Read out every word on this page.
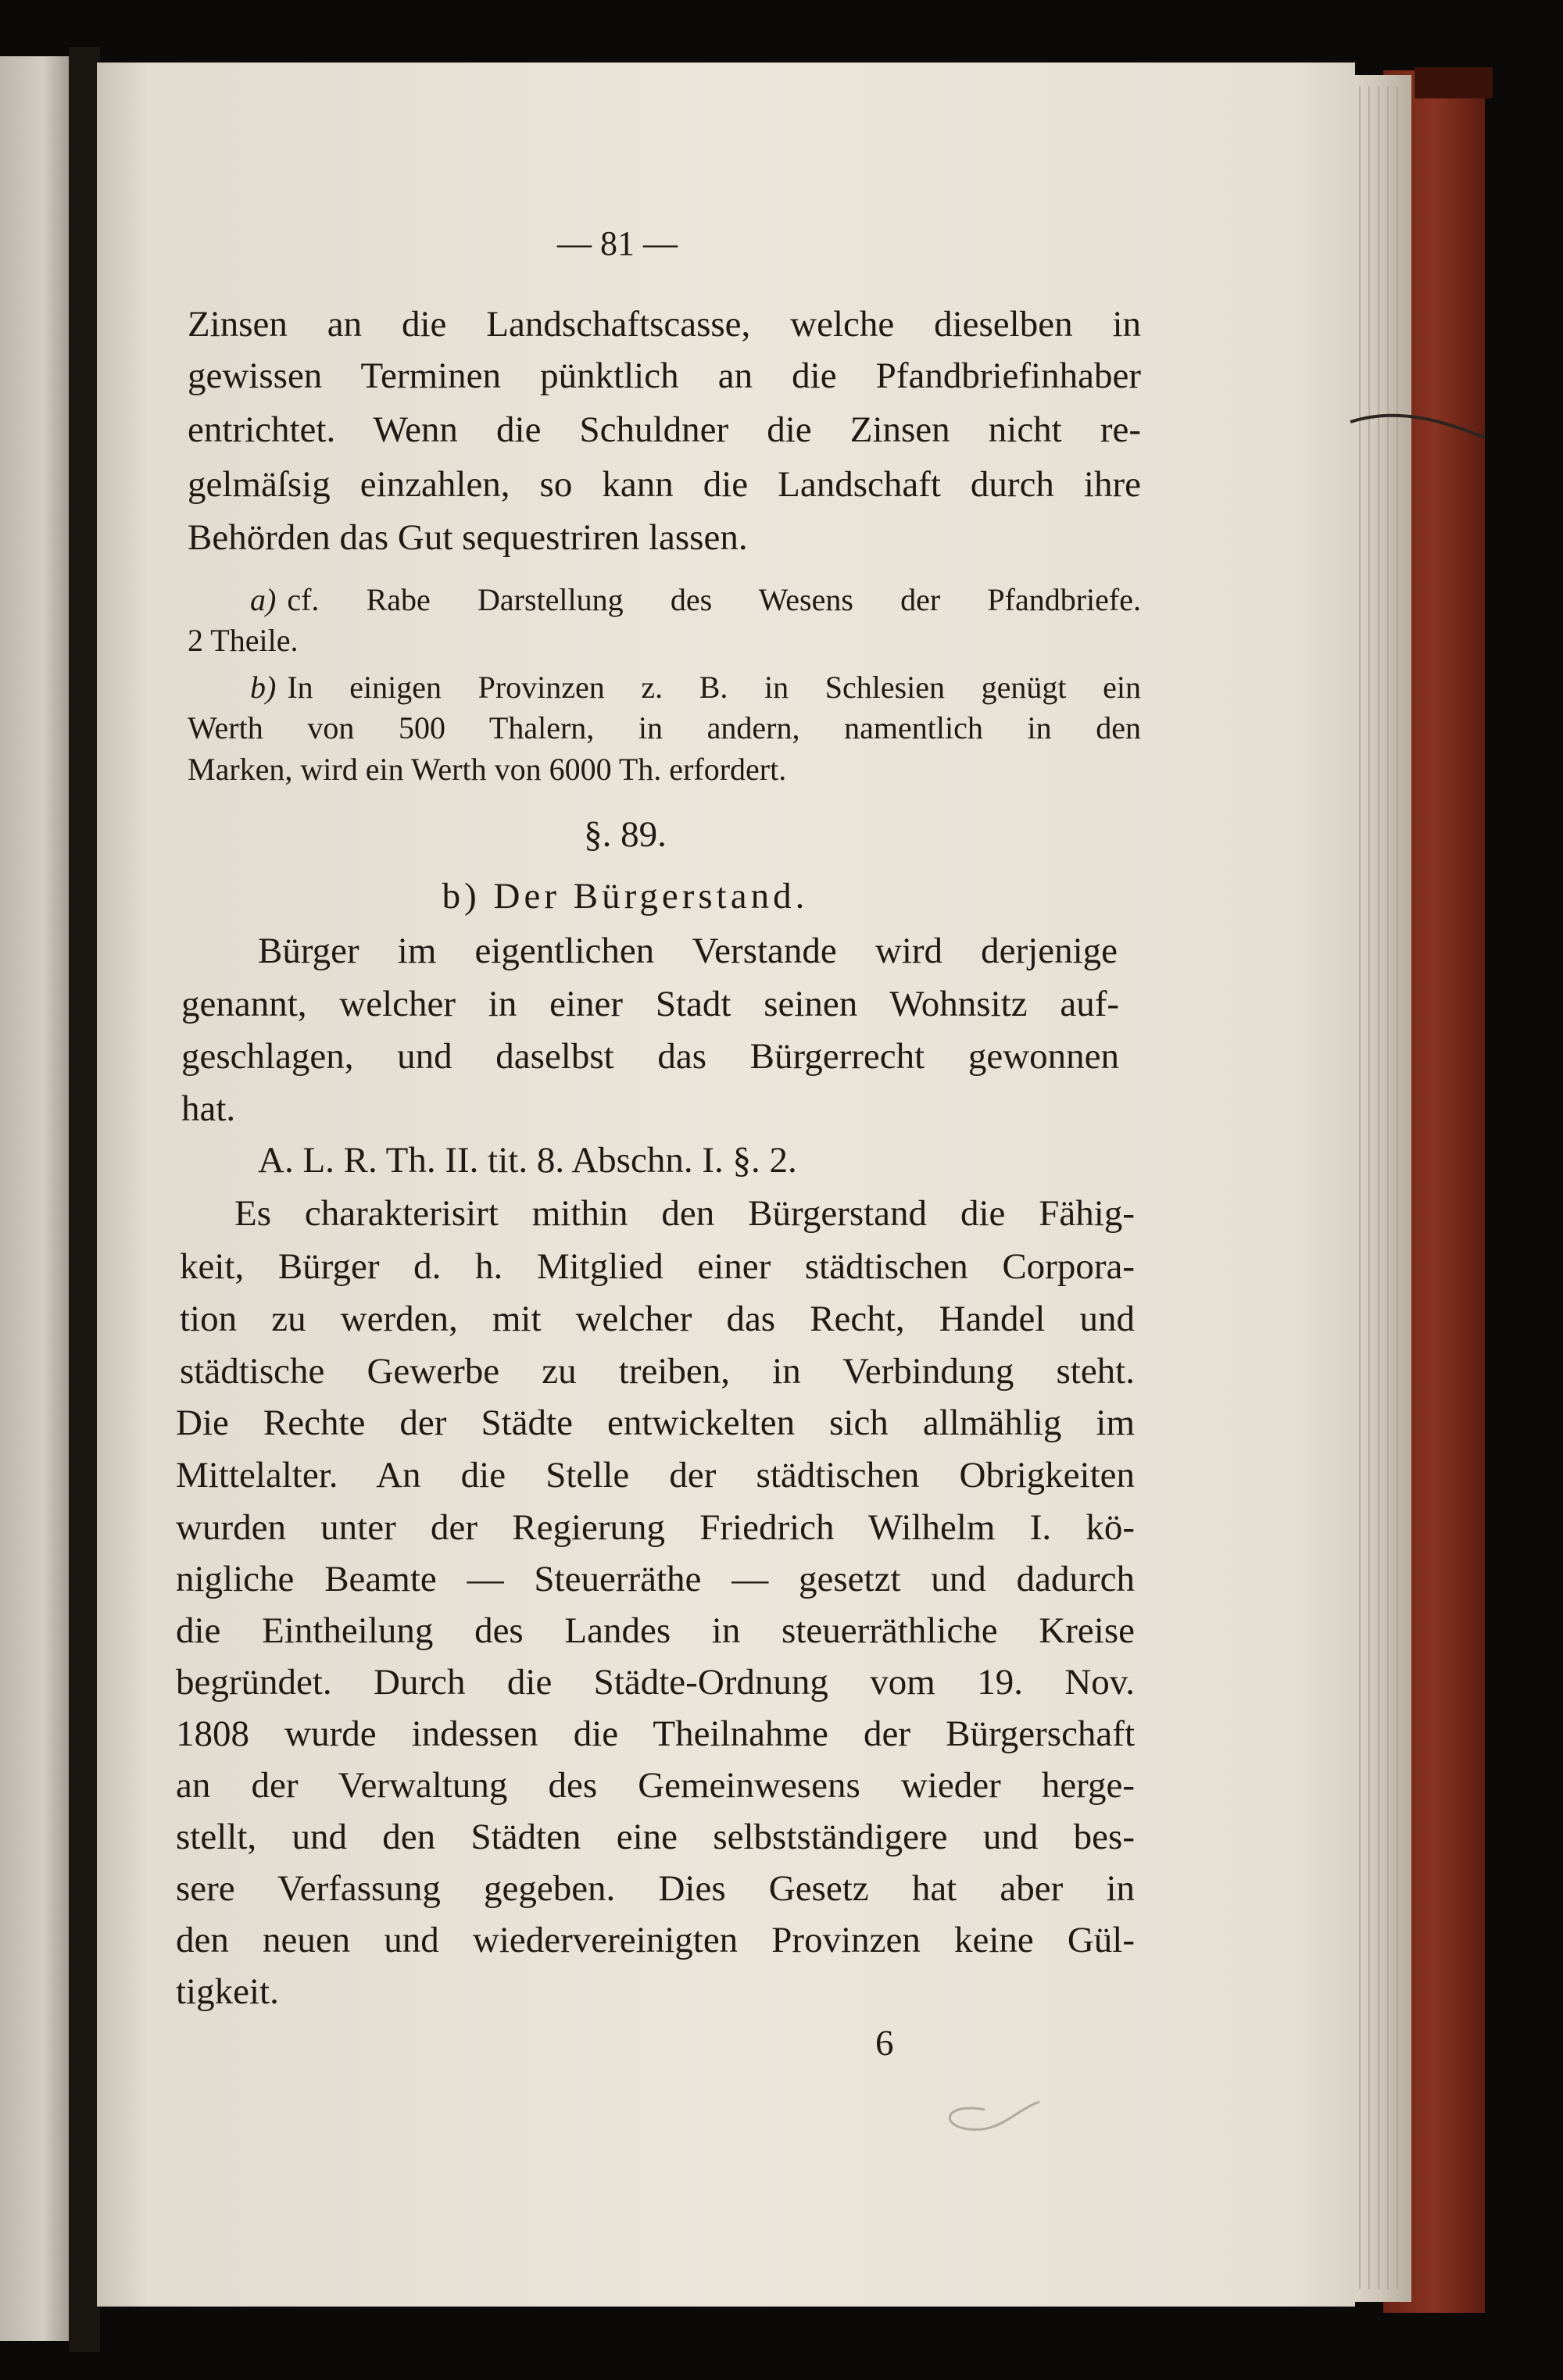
— 81 —
Zinsen an die Landschaftscasse, welche dieselben in
gewissen Terminen pünktlich an die Pfandbriefinhaber
entrichtet. Wenn die Schuldner die Zinsen nicht re-
gelmäſsig einzahlen, so kann die Landschaft durch ihre
Behörden das Gut sequestriren lassen.
a) cf. Rabe Darstellung des Wesens der Pfandbriefe.
2 Theile.
b) In einigen Provinzen z. B. in Schlesien genügt ein
Werth von 500 Thalern, in andern, namentlich in den
Marken, wird ein Werth von 6000 Th. erfordert.
§. 89.
b) Der Bürgerstand.
Bürger im eigentlichen Verstande wird derjenige
genannt, welcher in einer Stadt seinen Wohnsitz auf-
geschlagen, und daselbst das Bürgerrecht gewonnen
hat.
A. L. R. Th. II. tit. 8. Abschn. I. §. 2.
Es charakterisirt mithin den Bürgerstand die Fähig-
keit, Bürger d. h. Mitglied einer städtischen Corpora-
tion zu werden, mit welcher das Recht, Handel und
städtische Gewerbe zu treiben, in Verbindung steht.
Die Rechte der Städte entwickelten sich allmählig im
Mittelalter. An die Stelle der städtischen Obrigkeiten
wurden unter der Regierung Friedrich Wilhelm I. kö-
nigliche Beamte — Steuerräthe — gesetzt und dadurch
die Eintheilung des Landes in steuerräthliche Kreise
begründet. Durch die Städte-Ordnung vom 19. Nov.
1808 wurde indessen die Theilnahme der Bürgerschaft
an der Verwaltung des Gemeinwesens wieder herge-
stellt, und den Städten eine selbstständigere und bes-
sere Verfassung gegeben. Dies Gesetz hat aber in
den neuen und wiedervereinigten Provinzen keine Gül-
tigkeit.
6
